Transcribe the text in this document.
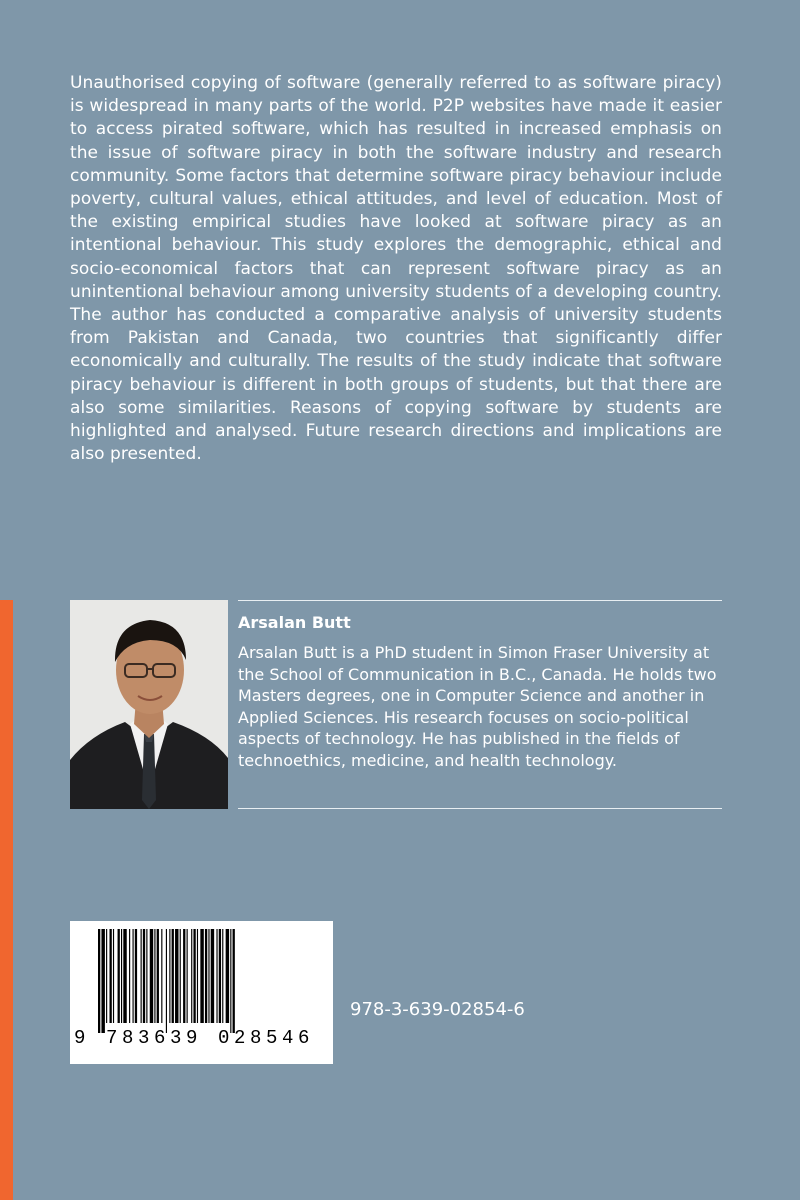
Unauthorised copying of software (generally referred to as software piracy) is widespread in many parts of the world. P2P websites have made it easier to access pirated software, which has resulted in increased emphasis on the issue of software piracy in both the software industry and research community. Some factors that determine software piracy behaviour include poverty, cultural values, ethical attitudes, and level of education. Most of the existing empirical studies have looked at software piracy as an intentional behaviour. This study explores the demographic, ethical and socio-economical factors that can represent software piracy as an unintentional behaviour among university students of a developing country. The author has conducted a comparative analysis of university students from Pakistan and Canada, two countries that significantly differ economically and culturally. The results of the study indicate that software piracy behaviour is different in both groups of students, but that there are also some similarities. Reasons of copying software by students are highlighted and analysed. Future research directions and implications are also presented.

Arsalan Butt

Arsalan Butt is a PhD student in Simon Fraser University at the School of Communication in B.C., Canada. He holds two Masters degrees, one in Computer Science and another in Applied Sciences. His research focuses on socio-political aspects of technology. He has published in the fields of technoethics, medicine, and health technology.

9 783639 028546
978-3-639-02854-6
